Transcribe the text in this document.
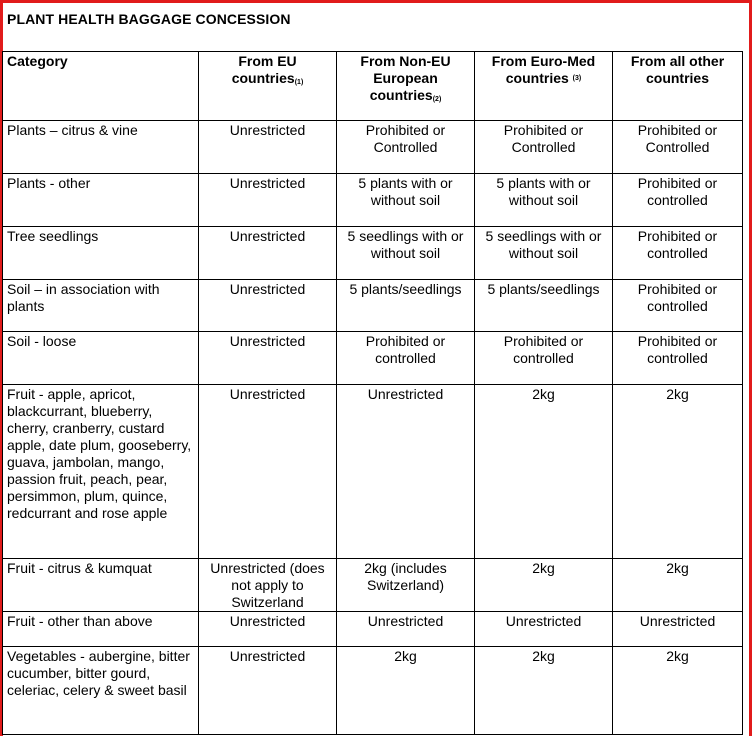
PLANT HEALTH BAGGAGE CONCESSION
Category	From EU countries$_{(1)}$	From Non-EU European countries$_{(2)}$	From Euro-Med countries $^{(3)}$	From all other countries
Plants – citrus & vine	Unrestricted	Prohibited or Controlled	Prohibited or Controlled	Prohibited or Controlled
Plants - other	Unrestricted	5 plants with or without soil	5 plants with or without soil	Prohibited or controlled
Tree seedlings	Unrestricted	5 seedlings with or without soil	5 seedlings with or without soil	Prohibited or controlled
Soil – in association with plants	Unrestricted	5 plants/seedlings	5 plants/seedlings	Prohibited or controlled
Soil - loose	Unrestricted	Prohibited or controlled	Prohibited or controlled	Prohibited or controlled
Fruit - apple, apricot, blackcurrant, blueberry, cherry, cranberry, custard apple, date plum, gooseberry, guava, jambolan, mango, passion fruit, peach, pear, persimmon, plum, quince, redcurrant and rose apple	Unrestricted	Unrestricted	2kg	2kg
Fruit - citrus & kumquat	Unrestricted (does not apply to Switzerland	2kg (includes Switzerland)	2kg	2kg
Fruit - other than above	Unrestricted	Unrestricted	Unrestricted	Unrestricted
Vegetables - aubergine, bitter cucumber, bitter gourd, celeriac, celery & sweet basil	Unrestricted	2kg	2kg	2kg
